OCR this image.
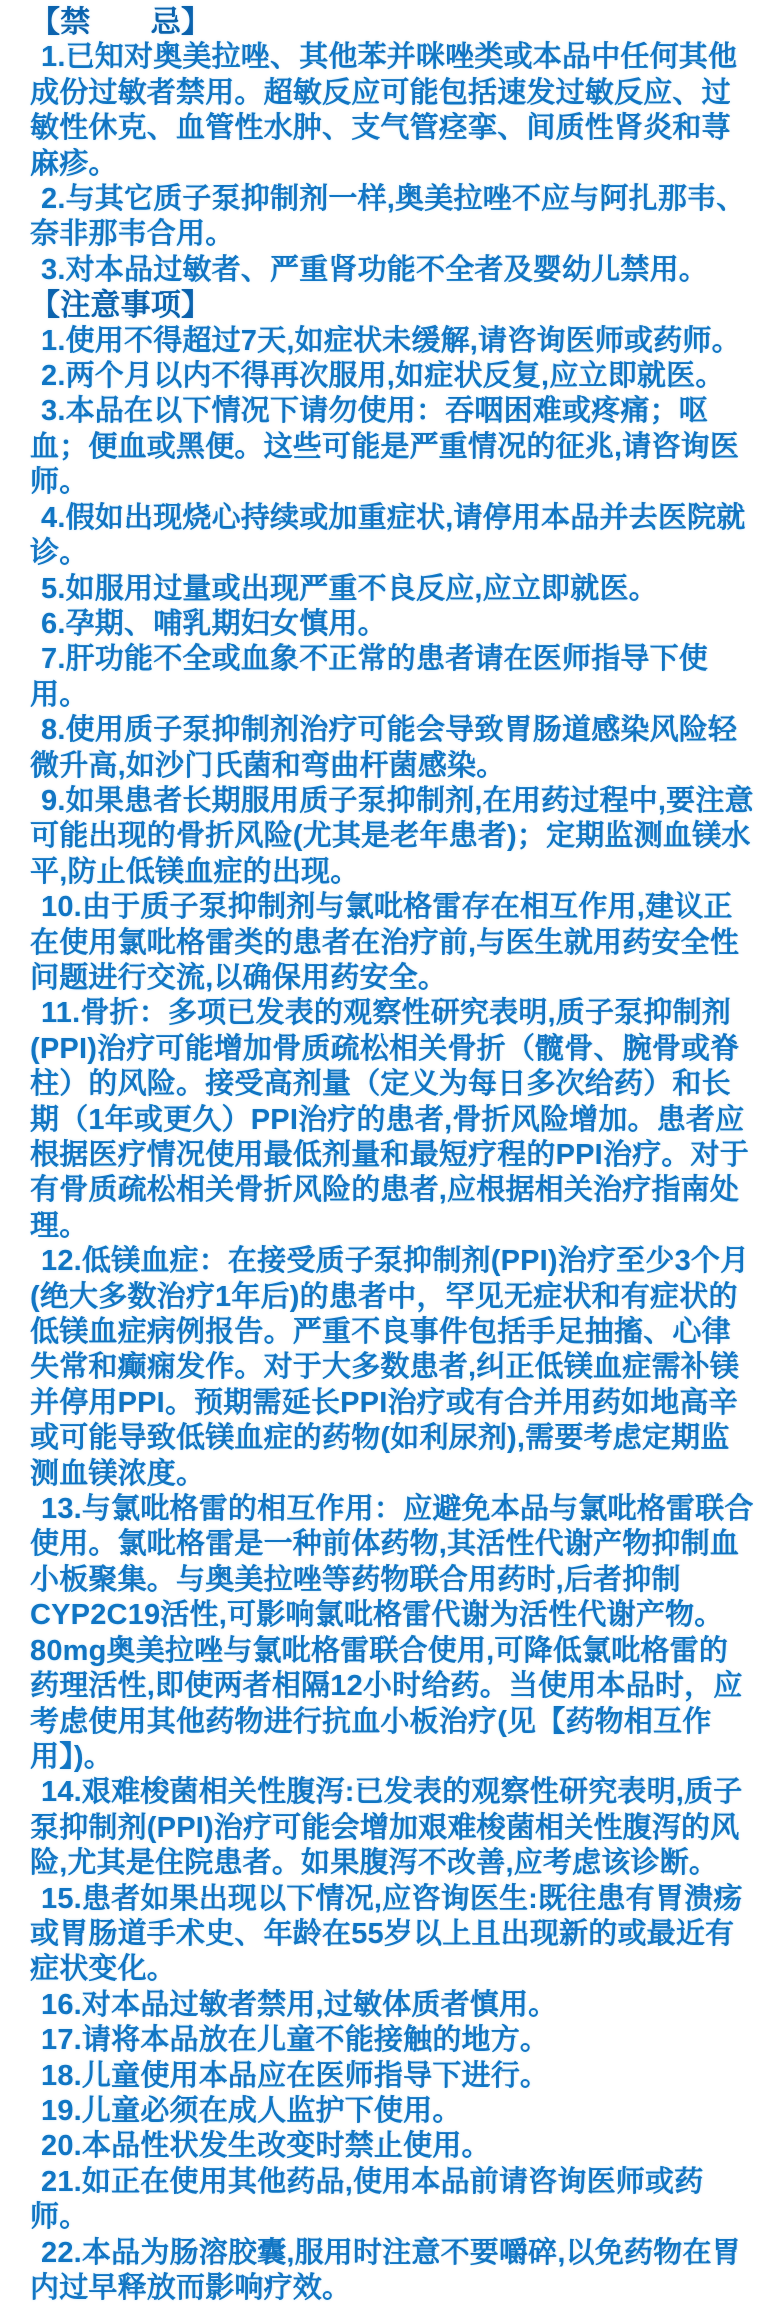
【禁　　忌】

1.已知对奥美拉唑、其他苯并咪唑类或本品中任何其他成份过敏者禁用。超敏反应可能包括速发过敏反应、过敏性休克、血管性水肿、支气管痉挛、间质性肾炎和荨麻疹。

2.与其它质子泵抑制剂一样,奥美拉唑不应与阿扎那韦、奈非那韦合用。

3.对本品过敏者、严重肾功能不全者及婴幼儿禁用。

【注意事项】

1.使用不得超过7天,如症状未缓解,请咨询医师或药师。

2.两个月以内不得再次服用,如症状反复,应立即就医。

3.本品在以下情况下请勿使用：吞咽困难或疼痛；呕血；便血或黑便。这些可能是严重情况的征兆,请咨询医师。

4.假如出现烧心持续或加重症状,请停用本品并去医院就诊。

5.如服用过量或出现严重不良反应,应立即就医。

6.孕期、哺乳期妇女慎用。

7.肝功能不全或血象不正常的患者请在医师指导下使用。

8.使用质子泵抑制剂治疗可能会导致胃肠道感染风险轻微升高,如沙门氏菌和弯曲杆菌感染。

9.如果患者长期服用质子泵抑制剂,在用药过程中,要注意可能出现的骨折风险(尤其是老年患者)；定期监测血镁水平,防止低镁血症的出现。

10.由于质子泵抑制剂与氯吡格雷存在相互作用,建议正在使用氯吡格雷类的患者在治疗前,与医生就用药安全性问题进行交流,以确保用药安全。

11.骨折：多项已发表的观察性研究表明,质子泵抑制剂(PPI)治疗可能增加骨质疏松相关骨折（髋骨、腕骨或脊柱）的风险。接受高剂量（定义为每日多次给药）和长期（1年或更久）PPI治疗的患者,骨折风险增加。患者应根据医疗情况使用最低剂量和最短疗程的PPI治疗。对于有骨质疏松相关骨折风险的患者,应根据相关治疗指南处理。

12.低镁血症：在接受质子泵抑制剂(PPI)治疗至少3个月(绝大多数治疗1年后)的患者中，罕见无症状和有症状的低镁血症病例报告。严重不良事件包括手足抽搐、心律失常和癫痫发作。对于大多数患者,纠正低镁血症需补镁并停用PPI。预期需延长PPI治疗或有合并用药如地高辛或可能导致低镁血症的药物(如利尿剂),需要考虑定期监测血镁浓度。

13.与氯吡格雷的相互作用：应避免本品与氯吡格雷联合使用。氯吡格雷是一种前体药物,其活性代谢产物抑制血小板聚集。与奥美拉唑等药物联合用药时,后者抑制CYP2C19活性,可影响氯吡格雷代谢为活性代谢产物。80mg奥美拉唑与氯吡格雷联合使用,可降低氯吡格雷的药理活性,即使两者相隔12小时给药。当使用本品时，应考虑使用其他药物进行抗血小板治疗(见【药物相互作用】)。

14.艰难梭菌相关性腹泻:已发表的观察性研究表明,质子泵抑制剂(PPI)治疗可能会增加艰难梭菌相关性腹泻的风险,尤其是住院患者。如果腹泻不改善,应考虑该诊断。

15.患者如果出现以下情况,应咨询医生:既往患有胃溃疡或胃肠道手术史、年龄在55岁以上且出现新的或最近有症状变化。

16.对本品过敏者禁用,过敏体质者慎用。

17.请将本品放在儿童不能接触的地方。

18.儿童使用本品应在医师指导下进行。

19.儿童必须在成人监护下使用。

20.本品性状发生改变时禁止使用。

21.如正在使用其他药品,使用本品前请咨询医师或药师。

22.本品为肠溶胶囊,服用时注意不要嚼碎,以免药物在胃内过早释放而影响疗效。
